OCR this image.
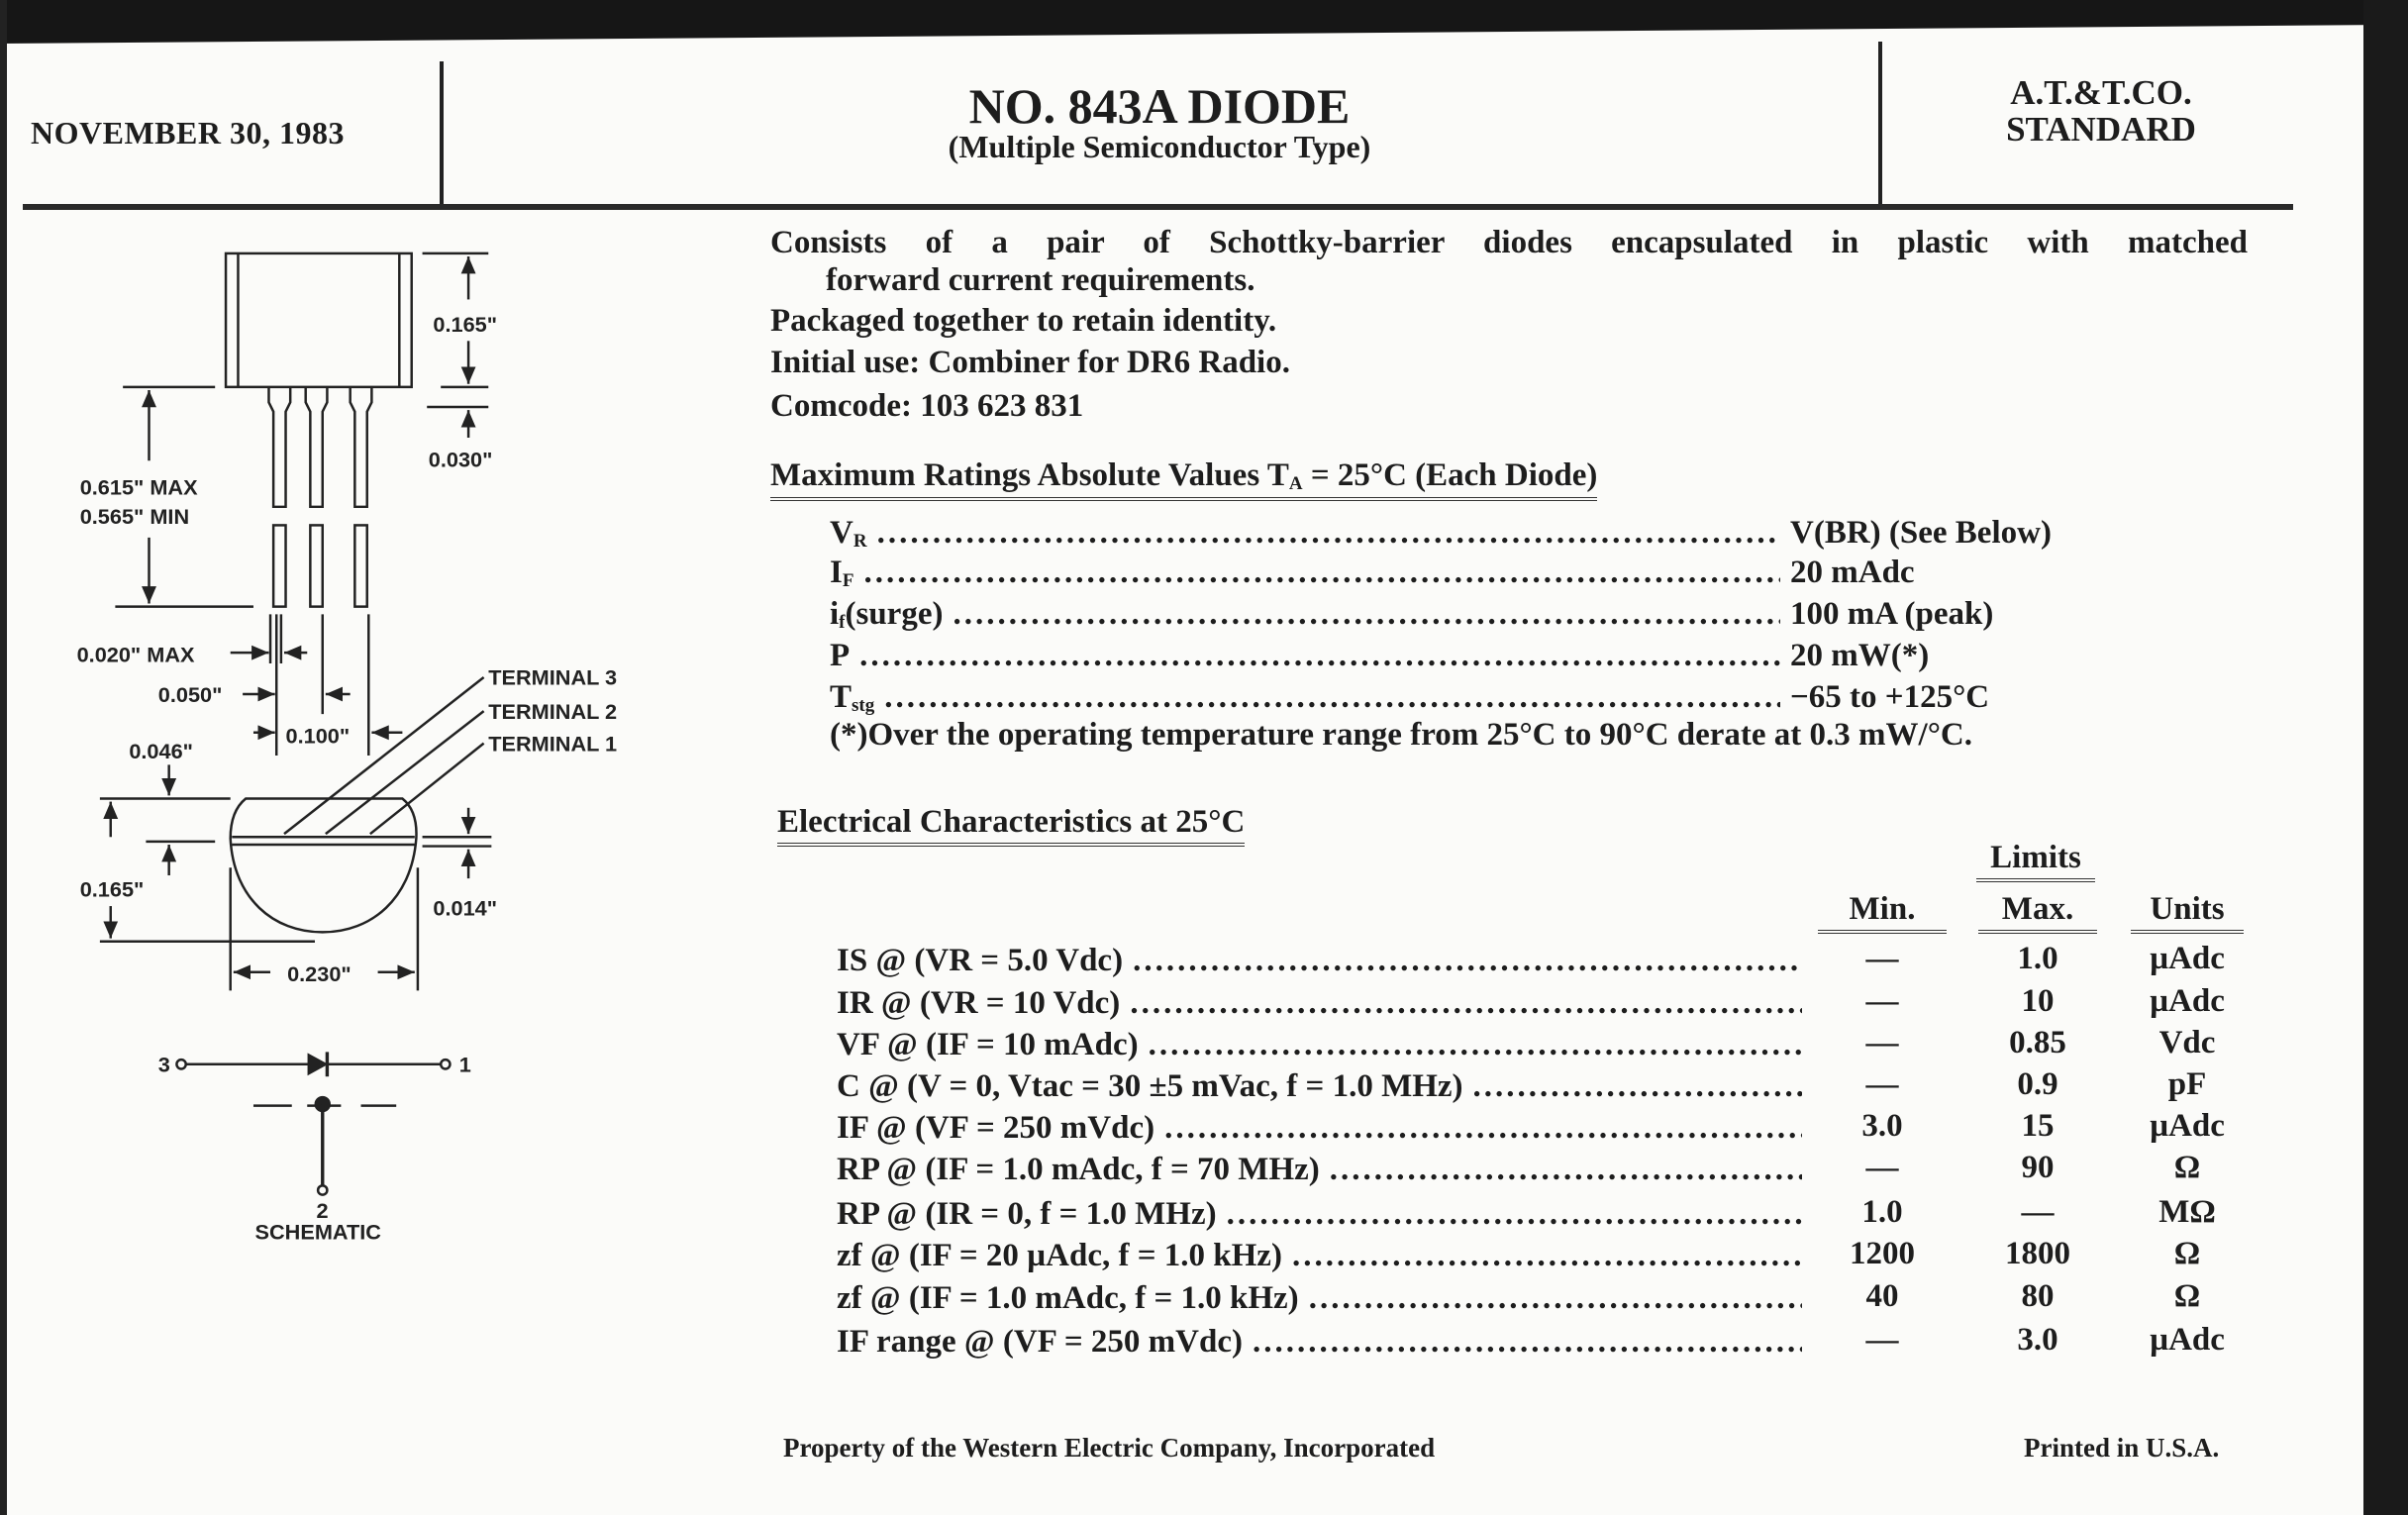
NOVEMBER 30, 1983	NO. 843A DIODE
(Multiple Semiconductor Type)
A.T.&T.CO.
STANDARD
Consists of a pair of Schottky-barrier diodes encapsulated in plastic with matched
forward current requirements.
Packaged together to retain identity.
Initial use: Combiner for DR6 Radio.
Comcode: 103 623 831
Maximum Ratings Absolute Values $T_A = 25^\circ C$ (Each Diode)
$V_R$ .....	V(BR) (See Below)
$I_F$ .....	20 mAdc
$i_f(surge)$ .....	100 mA (peak)
P .....	20 mW(*)
$T_{stg}$ .....	−65 to +125°C
(*)Over the operating temperature range from 25°C to 90°C derate at 0.3 mW/°C.
Electrical Characteristics at 25°C
Limits
Min.	Max.	Units
IS @ (VR = 5.0 Vdc) .....	—	1.0	µAdc
IR @ (VR = 10 Vdc) .....	—	10	µAdc
VF @ (IF = 10 mAdc) .....	—	0.85	Vdc
C @ (V = 0, Vtac = 30 ±5 mVac, f = 1.0 MHz) .....	—	0.9	pF
IF @ (VF = 250 mVdc) .....	3.0	15	µAdc
RP @ (IF = 1.0 mAdc, f = 70 MHz) .....	—	90	Ω
RP @ (IR = 0, f = 1.0 MHz) .....	1.0	—	MΩ
zf @ (IF = 20 µAdc, f = 1.0 kHz) .....	1200	1800	Ω
zf @ (IF = 1.0 mAdc, f = 1.0 kHz) .....	40	80	Ω
IF range @ (VF = 250 mVdc) .....	—	3.0	µAdc
Property of the Western Electric Company, Incorporated	Printed in U.S.A.
0.165"
0.030"
0.615" MAX
0.565" MIN
0.020" MAX
0.050"
0.100"
0.046"
0.165"
0.014"
0.230"
TERMINAL 3
TERMINAL 2
TERMINAL 1
3	1
2
SCHEMATIC
